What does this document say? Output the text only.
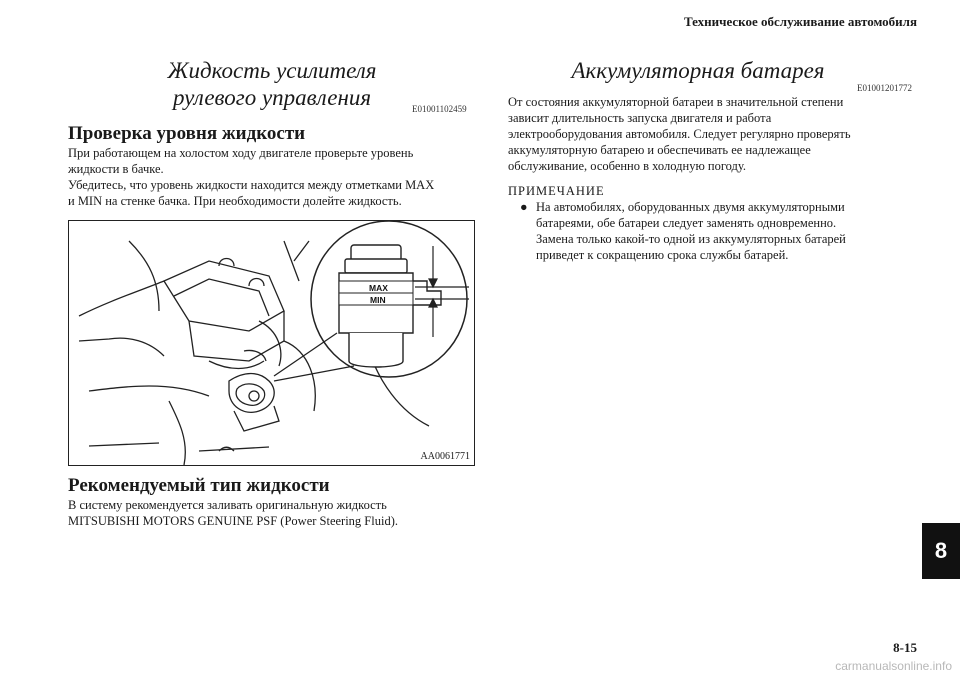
Техническое обслуживание автомобиля
Жидкость усилителя
рулевого управления	E01001102459
Проверка уровня жидкости
При работающем на холостом ходу двигателе проверьте уровень
жидкости в бачке.
Убедитесь, что уровень жидкости находится между отметками MAX
и MIN на стенке бачка. При необходимости долейте жидкость.
MAX
MIN
AA0061771
Рекомендуемый тип жидкости
В систему рекомендуется заливать оригинальную жидкость
MITSUBISHI MOTORS GENUINE PSF (Power Steering Fluid).
Аккумуляторная батарея
E01001201772
От состояния аккумуляторной батареи в значительной степени
зависит длительность запуска двигателя и работа
электрооборудования автомобиля. Следует регулярно проверять
аккумуляторную батарею и обеспечивать ее надлежащее
обслуживание, особенно в холодную погоду.
ПРИМЕЧАНИЕ
● На автомобилях, оборудованных двумя аккумуляторными
батареями, обе батареи следует заменять одновременно.
Замена только какой-то одной из аккумуляторных батарей
приведет к сокращению срока службы батарей.
8
8-15
carmanualsonline.info
